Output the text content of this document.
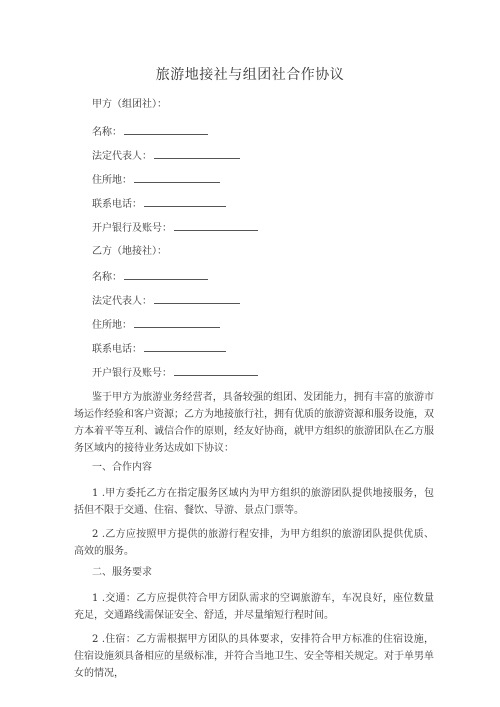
旅游地接社与组团社合作协议
甲方（组团社）：
名称：
法定代表人：
住所地：
联系电话：
开户银行及账号：
乙方（地接社）：
名称：
法定代表人：
住所地：
联系电话：
开户银行及账号：
鉴于甲方为旅游业务经营者，具备较强的组团、发团能力，拥有丰富的旅游市场运作经验和客户资源；乙方为地接旅行社，拥有优质的旅游资源和服务设施，双方本着平等互利、诚信合作的原则，经友好协商，就甲方组织的旅游团队在乙方服务区域内的接待业务达成如下协议：
一、合作内容
1 .甲方委托乙方在指定服务区域内为甲方组织的旅游团队提供地接服务，包括但不限于交通、住宿、餐饮、导游、景点门票等。
2 .乙方应按照甲方提供的旅游行程安排，为甲方组织的旅游团队提供优质、高效的服务。
二、服务要求
1 .交通：乙方应提供符合甲方团队需求的空调旅游车，车况良好，座位数量充足，交通路线需保证安全、舒适，并尽量缩短行程时间。
2 .住宿：乙方需根据甲方团队的具体要求，安排符合甲方标准的住宿设施，住宿设施须具备相应的星级标准，并符合当地卫生、安全等相关规定。对于单男单女的情况，
